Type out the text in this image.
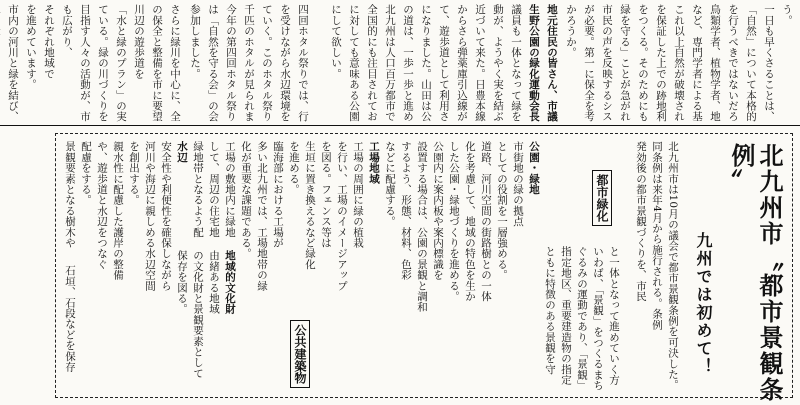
う。
一日も早くさることは、
「自然」について本格的
を行うべきではないだろ
鳥類学者、植物学者、地
など、専門学者による基
これ以上自然が破壊され
を保証した上での跡地利
をつくる。そのためにも
緑を守る」ことが急がれ
市民の声を反映するシス
が必要。第一に保全を考
かろうか。
地元住民の皆さん、市議
生野公園の緑化運動会長
議員も一体となって緑を
動が、ようやく実を結ぶ
近づいて来た。日豊本線
からさら弾薬庫引込線が
て、遊歩道として利用さ
になりました。山田は公
の道は、一歩一歩と進め
北九州は人口百万都市で
全国的にも注目されてお
に対しても意味ある公園
にして欲しい。
四回ホタル祭りでは、行
を受けながら水辺環境を
ていく。このホタル祭り
千匹のホタルが見られま
今年の第四回ホタル祭り
は「自然を守る会」の会
参加しました。
さらに緑川を中心に、全
の保全と整備を市に要望
川辺の遊歩道を
「水と緑のプラン」の実
ている。緑の川づくりを
目指す人々の活動が、市
も広がり、
それぞれ地域で
を進めています。
市内の河川と緑を結び、
北九州市〝都市景観条例〟
九州では初めて！
北九州市は10月の議会で都市景観条例を可決した。
同条例は来年4月から施行される。条例
発効後の都市景観づくりを、市民
と一体となって進めていく方
いわば、「景観」をつくるまち
ぐるみの運動であり、「景観」
指定地区、重要建造物の指定
ともに特徴のある景観を守
都市緑化
公園・緑地
市街地の緑の拠点
としての役割を一層強める。
道路、河川空間の街路樹との一体
化を考慮して、地域の特色を生か
した公園・緑地づくりを進める。
公園内に案内板や案内標識を
設置する場合は、公園の景観と調和
するよう、形態、材料、色彩
などに配慮する。
工場地域
工場の周囲に緑の植栽
を行い、工場のイメージアップ
を図る。フェンス等は
生垣に置き換えるなど緑化
を進める。
臨海部における工場が
多い北九州では、工場地帯の緑
化が重要な課題である。
工場の敷地内に緑地
して、周辺の住宅地
緑地帯となるよう配
地域的文化財
由緒ある地域
の文化財と景観要素として
保存を図る。
水辺
安全性や利便性を確保しながら
河川や海辺に親しめる水辺空間
を創出する。
親水性に配慮した護岸の整備
や、遊歩道と水辺をつなぐ
配慮をする。
景観要素となる樹木や
石垣、石段などを保存	公共建築物
